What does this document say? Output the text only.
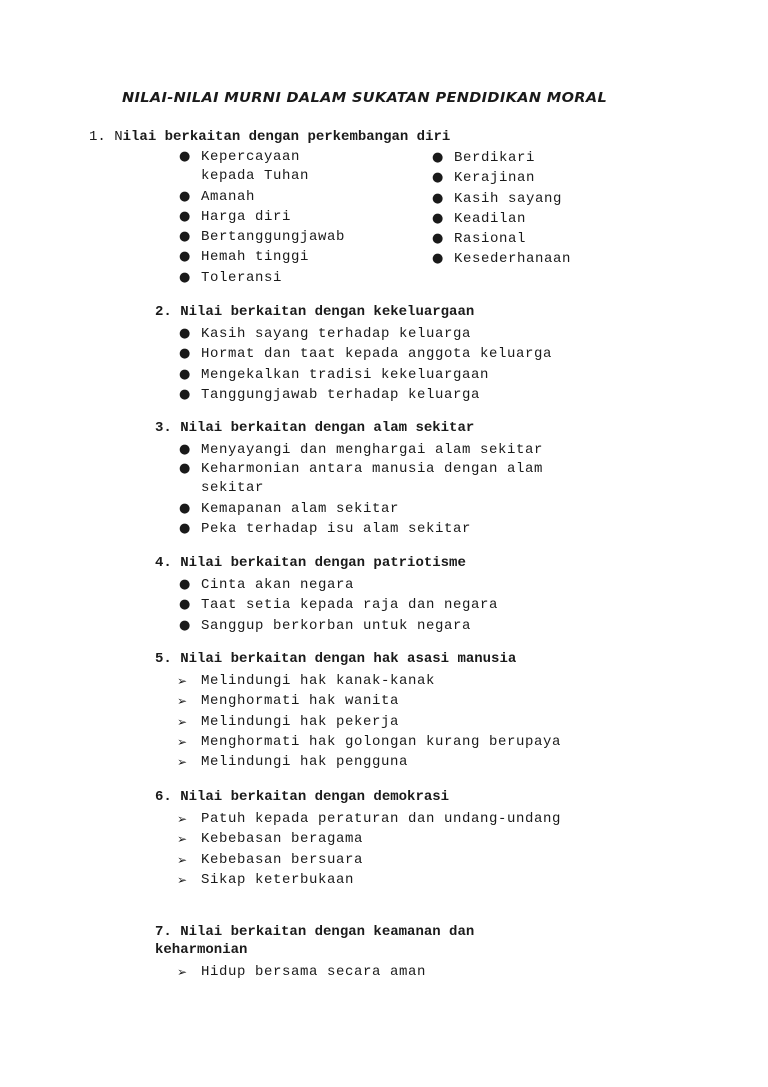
NILAI-NILAI MURNI DALAM SUKATAN PENDIDIKAN MORAL
1. Nilai berkaitan dengan perkembangan diri
● Kepercayaan kepada Tuhan
● Amanah
● Harga diri
● Bertanggungjawab
● Hemah tinggi
● Toleransi
● Berdikari
● Kerajinan
● Kasih sayang
● Keadilan
● Rasional
● Kesederhanaan
2. Nilai berkaitan dengan kekeluargaan
● Kasih sayang terhadap keluarga
● Hormat dan taat kepada anggota keluarga
● Mengekalkan tradisi kekeluargaan
● Tanggungjawab terhadap keluarga
3. Nilai berkaitan dengan alam sekitar
● Menyayangi dan menghargai alam sekitar
● Keharmonian antara manusia dengan alam sekitar
● Kemapanan alam sekitar
● Peka terhadap isu alam sekitar
4. Nilai berkaitan dengan patriotisme
● Cinta akan negara
● Taat setia kepada raja dan negara
● Sanggup berkorban untuk negara
5. Nilai berkaitan dengan hak asasi manusia
➢ Melindungi hak kanak-kanak
➢ Menghormati hak wanita
➢ Melindungi hak pekerja
➢ Menghormati hak golongan kurang berupaya
➢ Melindungi hak pengguna
6. Nilai berkaitan dengan demokrasi
➢ Patuh kepada peraturan dan undang-undang
➢ Kebebasan beragama
➢ Kebebasan bersuara
➢ Sikap keterbukaan
7. Nilai berkaitan dengan keamanan dan
keharmonian
➢ Hidup bersama secara aman
